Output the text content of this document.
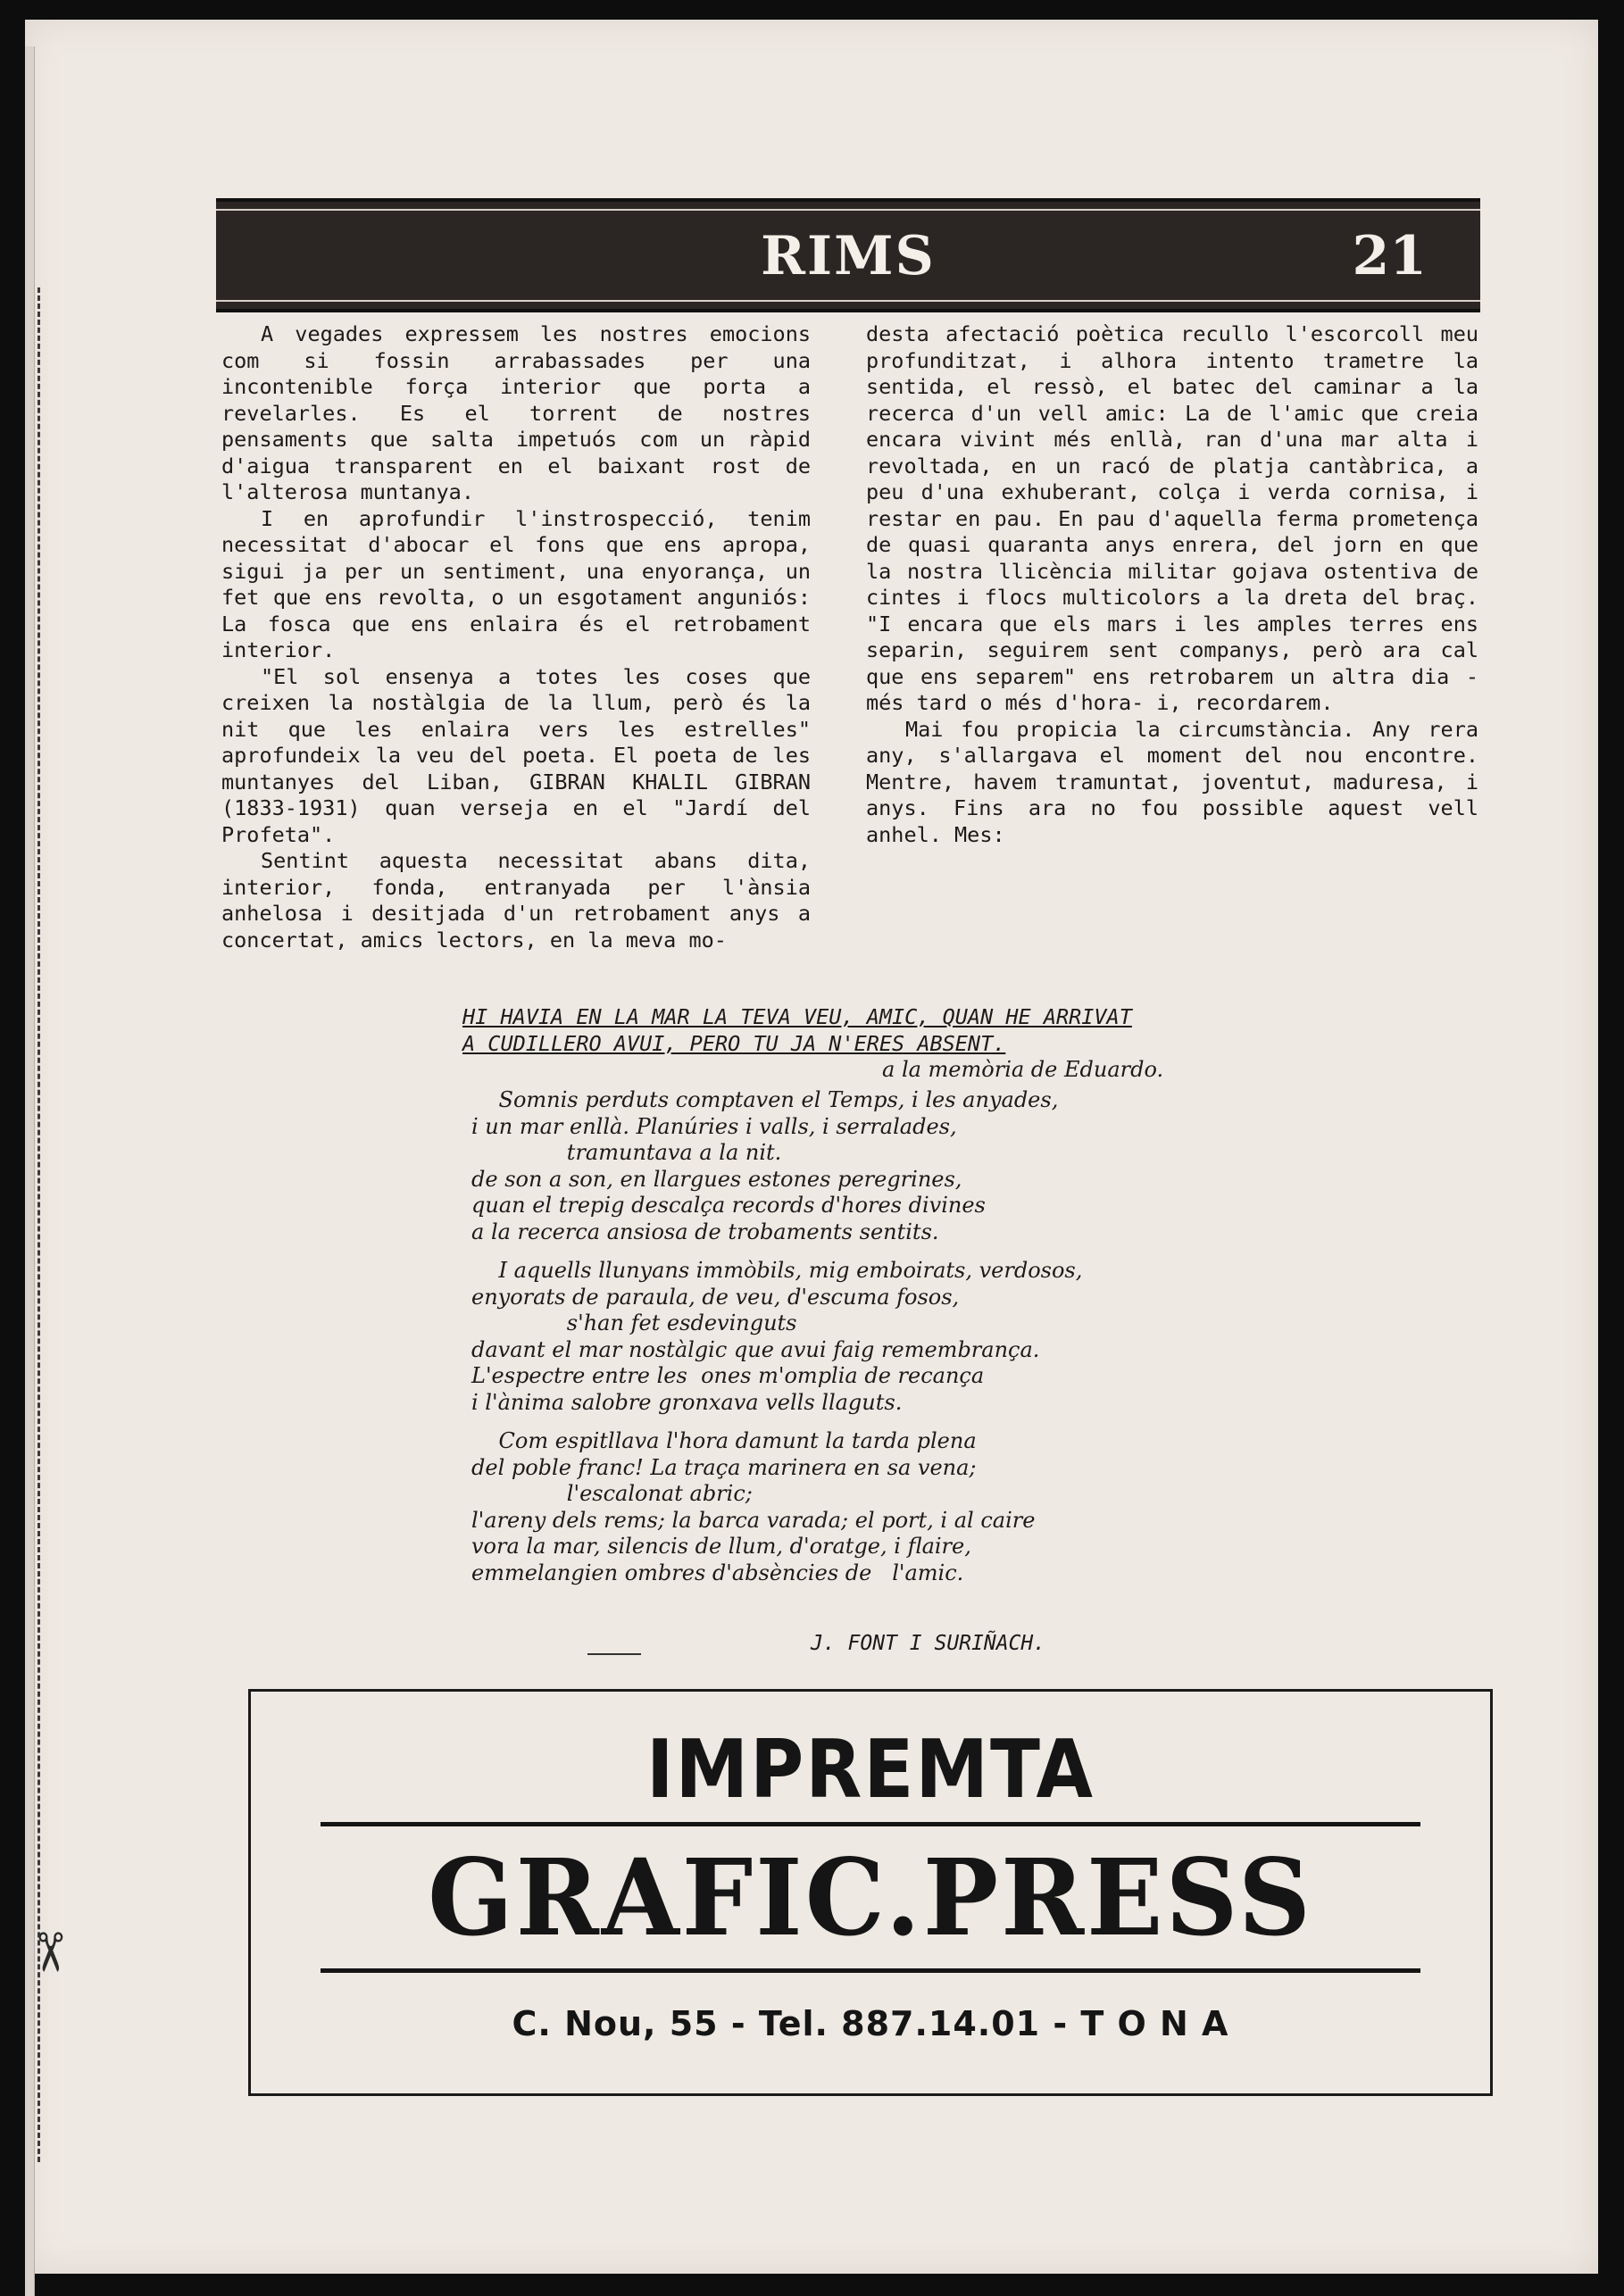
✂
RIMS	21

A vegades expressem les nostres emocions com si fossin arrabassades per una incontenible força interior que porta a revelarles. Es el torrent de nostres pensaments que salta impetuós com un ràpid d'aigua transparent en el baixant rost de l'alterosa muntanya.

I en aprofundir l'instrospecció, tenim necessitat d'abocar el fons que ens apropa, sigui ja per un sentiment, una enyorança, un fet que ens revolta, o un esgotament anguniós: La fosca que ens enlaira és el retrobament interior.

"El sol ensenya a totes les coses que creixen la nostàlgia de la llum, però és la nit que les enlaira vers les estrelles" aprofundeix la veu del poeta. El poeta de les muntanyes del Liban, GIBRAN KHALIL GIBRAN (1833-1931) quan verseja en el "Jardí del Profeta".

Sentint aquesta necessitat abans dita, interior, fonda, entranyada per l'ànsia anhelosa i desitjada d'un retrobament anys a concertat, amics lectors, en la meva mo-

desta afectació poètica recullo l'escorcoll meu profunditzat, i alhora intento trametre la sentida, el ressò, el batec del caminar a la recerca d'un vell amic: La de l'amic que creia encara vivint més enllà, ran d'una mar alta i revoltada, en un racó de platja cantàbrica, a peu d'una exhuberant, colça i verda cornisa, i restar en pau. En pau d'aquella ferma prometença de quasi quaranta anys enrera, del jorn en que la nostra llicència militar gojava ostentiva de cintes i flocs multicolors a la dreta del braç. "I encara que els mars i les amples terres ens separin, seguirem sent companys, però ara cal que ens separem" ens retrobarem un altra dia -més tard o més d'hora- i, recordarem.

Mai fou propicia la circumstància. Any rera any, s'allargava el moment del nou encontre. Mentre, havem tramuntat, joventut, maduresa, i anys. Fins ara no fou possible aquest vell anhel. Mes:

HI HAVIA EN LA MAR LA TEVA VEU, AMIC, QUAN HE ARRIVAT
A CUDILLERO AVUI, PERO TU JA N'ERES ABSENT.
a la memòria de Eduardo.
Somnis perduts comptaven el Temps, i les anyades,
i un mar enllà. Planúries i valls, i serralades,
tramuntava a la nit.
de son a son, en llargues estones peregrines,
quan el trepig descalça records d'hores divines
a la recerca ansiosa de trobaments sentits.
I aquells llunyans immòbils, mig emboirats, verdosos,
enyorats de paraula, de veu, d'escuma fosos,
s'han fet esdevinguts
davant el mar nostàlgic que avui faig remembrança.
L'espectre entre les  ones m'omplia de recança
i l'ànima salobre gronxava vells llaguts.
Com espitllava l'hora damunt la tarda plena
del poble franc! La traça marinera en sa vena;
l'escalonat abric;
l'areny dels rems; la barca varada; el port, i al caire
vora la mar, silencis de llum, d'oratge, i flaire,
emmelangien ombres d'absències de   l'amic.
J. FONT I SURIÑACH.
IMPREMTA
GRAFIC.PRESS
C. Nou, 55 - Tel. 887.14.01 - T O N A
